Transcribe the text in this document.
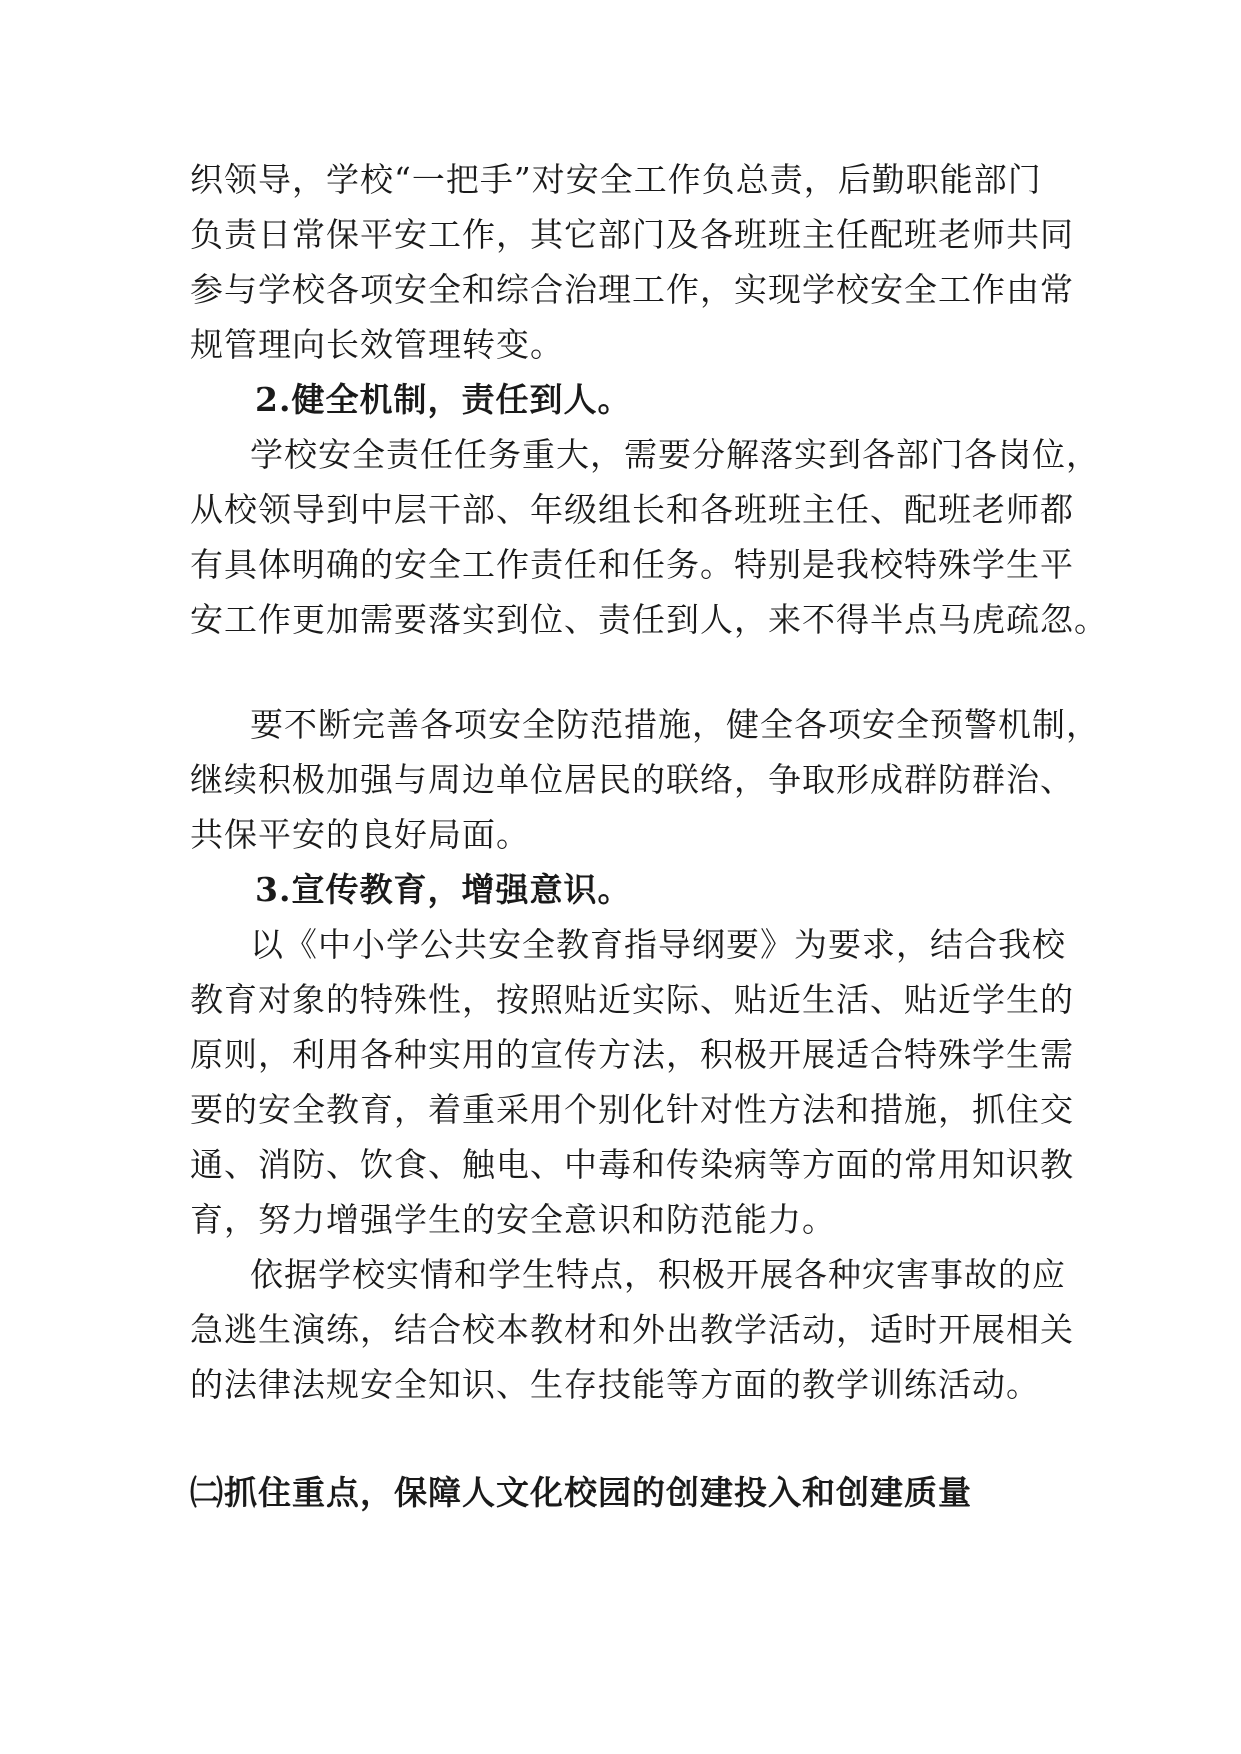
织领导，学校“一把手”对安全工作负总责，后勤职能部门
负责日常保平安工作，其它部门及各班班主任配班老师共同
参与学校各项安全和综合治理工作，实现学校安全工作由常
规管理向长效管理转变。
2.健全机制，责任到人。
学校安全责任任务重大，需要分解落实到各部门各岗位，
从校领导到中层干部、年级组长和各班班主任、配班老师都
有具体明确的安全工作责任和任务。特别是我校特殊学生平
安工作更加需要落实到位、责任到人，来不得半点马虎疏忽。
要不断完善各项安全防范措施，健全各项安全预警机制，
继续积极加强与周边单位居民的联络，争取形成群防群治、
共保平安的良好局面。
3.宣传教育，增强意识。
以《中小学公共安全教育指导纲要》为要求，结合我校
教育对象的特殊性，按照贴近实际、贴近生活、贴近学生的
原则，利用各种实用的宣传方法，积极开展适合特殊学生需
要的安全教育，着重采用个别化针对性方法和措施，抓住交
通、消防、饮食、触电、中毒和传染病等方面的常用知识教
育，努力增强学生的安全意识和防范能力。
依据学校实情和学生特点，积极开展各种灾害事故的应
急逃生演练，结合校本教材和外出教学活动，适时开展相关
的法律法规安全知识、生存技能等方面的教学训练活动。
㈡抓住重点，保障人文化校园的创建投入和创建质量
